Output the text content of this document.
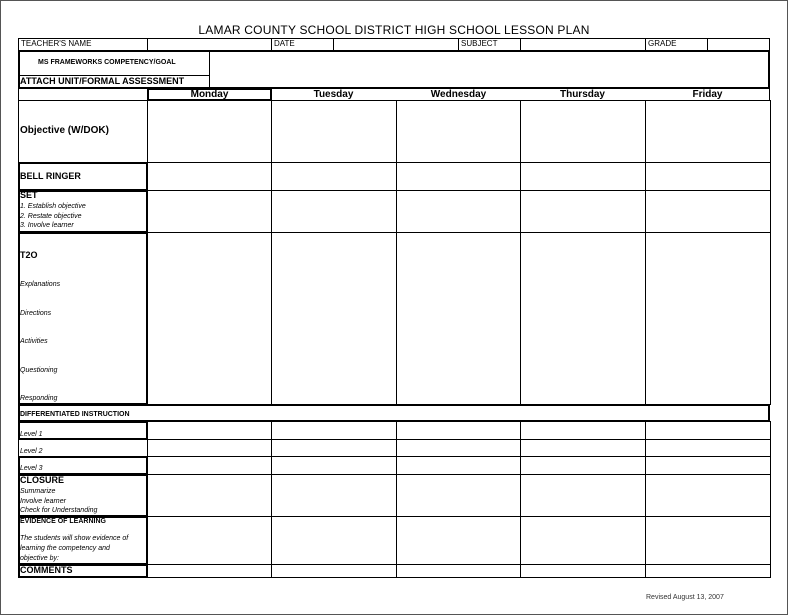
LAMAR COUNTY SCHOOL DISTRICT HIGH SCHOOL LESSON PLAN
TEACHER'S NAME	DATE	SUBJECT	GRADE
MS FRAMEWORKS COMPETENCY/GOAL
ATTACH UNIT/FORMAL ASSESSMENT
Monday	Tuesday	Wednesday	Thursday	Friday
Objective (W/DOK)
BELL RINGER
SET
1. Establish objective
2. Restate objective
3. Involve learner
T2O
Explanations
Directions
Activities
Questioning
Responding
DIFFERENTIATED INSTRUCTION
Level 1
Level 2
Level 3
CLOSURE
Summarize
Involve learner
Check for Understanding
EVIDENCE OF LEARNING
The students will show evidence of
learning the competency and
objective by:
COMMENTS
Revised August 13, 2007
